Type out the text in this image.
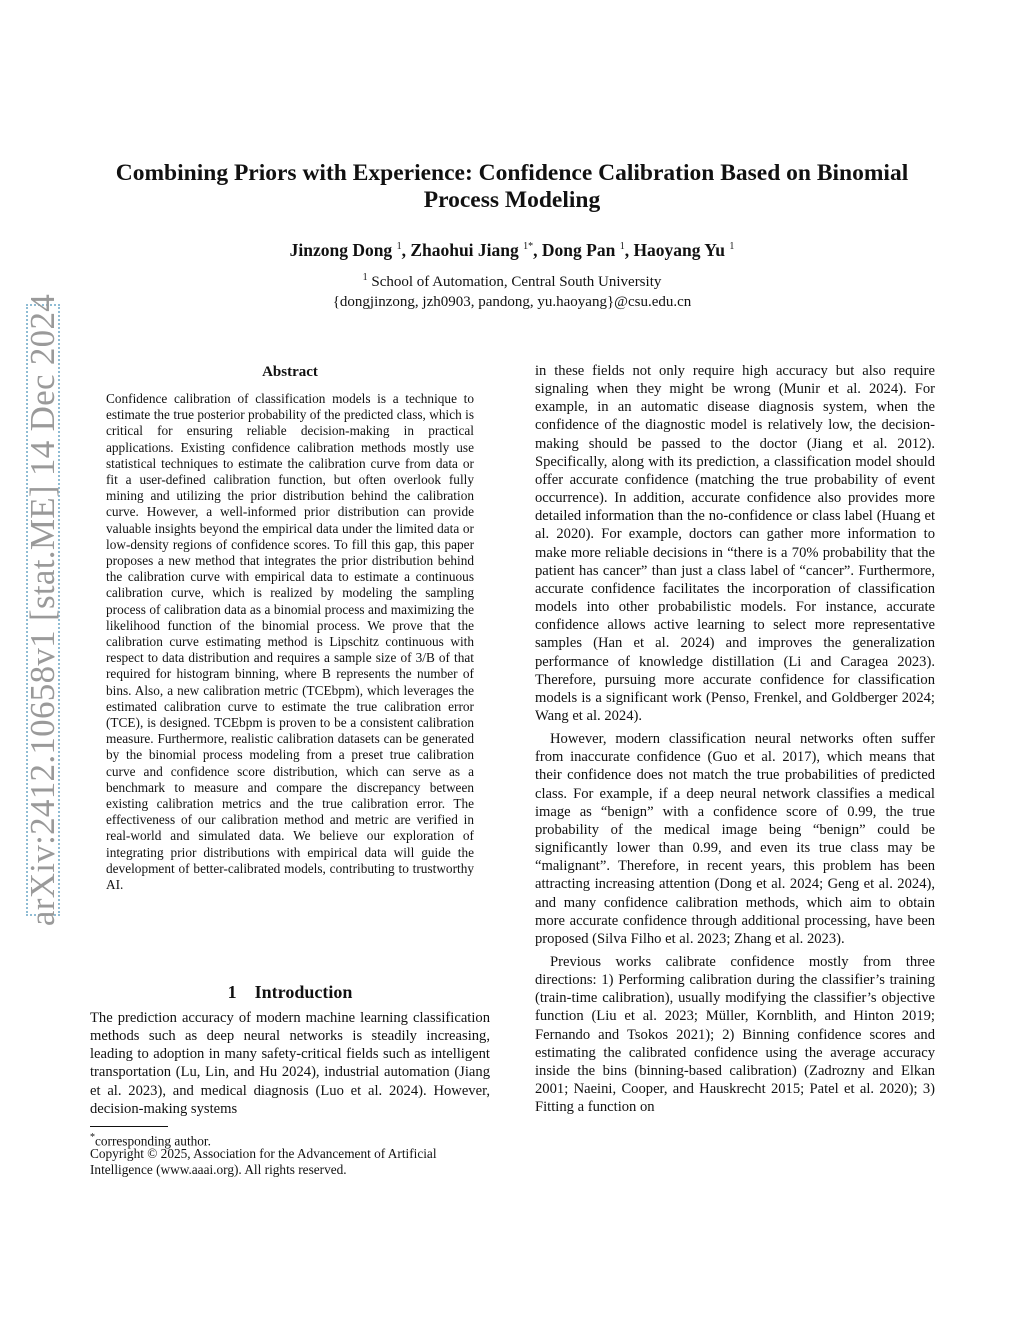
arXiv:2412.10658v1 [stat.ME] 14 Dec 2024
Combining Priors with Experience: Confidence Calibration Based on Binomial Process Modeling
Jinzong Dong $^1$, Zhaohui Jiang $^{1*}$, Dong Pan $^1$, Haoyang Yu $^1$
$^1$ School of Automation, Central South University
{dongjinzong, jzh0903, pandong, yu.haoyang}@csu.edu.cn
Abstract
Confidence calibration of classification models is a technique to estimate the true posterior probability of the predicted class, which is critical for ensuring reliable decision-making in practical applications. Existing confidence calibration methods mostly use statistical techniques to estimate the calibration curve from data or fit a user-defined calibration function, but often overlook fully mining and utilizing the prior distribution behind the calibration curve. However, a well-informed prior distribution can provide valuable insights beyond the empirical data under the limited data or low-density regions of confidence scores. To fill this gap, this paper proposes a new method that integrates the prior distribution behind the calibration curve with empirical data to estimate a continuous calibration curve, which is realized by modeling the sampling process of calibration data as a binomial process and maximizing the likelihood function of the binomial process. We prove that the calibration curve estimating method is Lipschitz continuous with respect to data distribution and requires a sample size of 3/B of that required for histogram binning, where B represents the number of bins. Also, a new calibration metric (TCEbpm), which leverages the estimated calibration curve to estimate the true calibration error (TCE), is designed. TCEbpm is proven to be a consistent calibration measure. Furthermore, realistic calibration datasets can be generated by the binomial process modeling from a preset true calibration curve and confidence score distribution, which can serve as a benchmark to measure and compare the discrepancy between existing calibration metrics and the true calibration error. The effectiveness of our calibration method and metric are verified in real-world and simulated data. We believe our exploration of integrating prior distributions with empirical data will guide the development of better-calibrated models, contributing to trustworthy AI.
1 Introduction
The prediction accuracy of modern machine learning classification methods such as deep neural networks is steadily increasing, leading to adoption in many safety-critical fields such as intelligent transportation (Lu, Lin, and Hu 2024), industrial automation (Jiang et al. 2023), and medical diagnosis (Luo et al. 2024). However, decision-making systems
*corresponding author.
Copyright © 2025, Association for the Advancement of Artificial Intelligence (www.aaai.org). All rights reserved.

in these fields not only require high accuracy but also require signaling when they might be wrong (Munir et al. 2024). For example, in an automatic disease diagnosis system, when the confidence of the diagnostic model is relatively low, the decision-making should be passed to the doctor (Jiang et al. 2012). Specifically, along with its prediction, a classification model should offer accurate confidence (matching the true probability of event occurrence). In addition, accurate confidence also provides more detailed information than the no-confidence or class label (Huang et al. 2020). For example, doctors can gather more information to make more reliable decisions in “there is a 70% probability that the patient has cancer” than just a class label of “cancer”. Furthermore, accurate confidence facilitates the incorporation of classification models into other probabilistic models. For instance, accurate confidence allows active learning to select more representative samples (Han et al. 2024) and improves the generalization performance of knowledge distillation (Li and Caragea 2023). Therefore, pursuing more accurate confidence for classification models is a significant work (Penso, Frenkel, and Goldberger 2024; Wang et al. 2024).

However, modern classification neural networks often suffer from inaccurate confidence (Guo et al. 2017), which means that their confidence does not match the true probabilities of predicted class. For example, if a deep neural network classifies a medical image as “benign” with a confidence score of 0.99, the true probability of the medical image being “benign” could be significantly lower than 0.99, and even its true class may be “malignant”. Therefore, in recent years, this problem has been attracting increasing attention (Dong et al. 2024; Geng et al. 2024), and many confidence calibration methods, which aim to obtain more accurate confidence through additional processing, have been proposed (Silva Filho et al. 2023; Zhang et al. 2023).

Previous works calibrate confidence mostly from three directions: 1) Performing calibration during the classifier’s training (train-time calibration), usually modifying the classifier’s objective function (Liu et al. 2023; Müller, Kornblith, and Hinton 2019; Fernando and Tsokos 2021); 2) Binning confidence scores and estimating the calibrated confidence using the average accuracy inside the bins (binning-based calibration) (Zadrozny and Elkan 2001; Naeini, Cooper, and Hauskrecht 2015; Patel et al. 2020); 3) Fitting a function on
